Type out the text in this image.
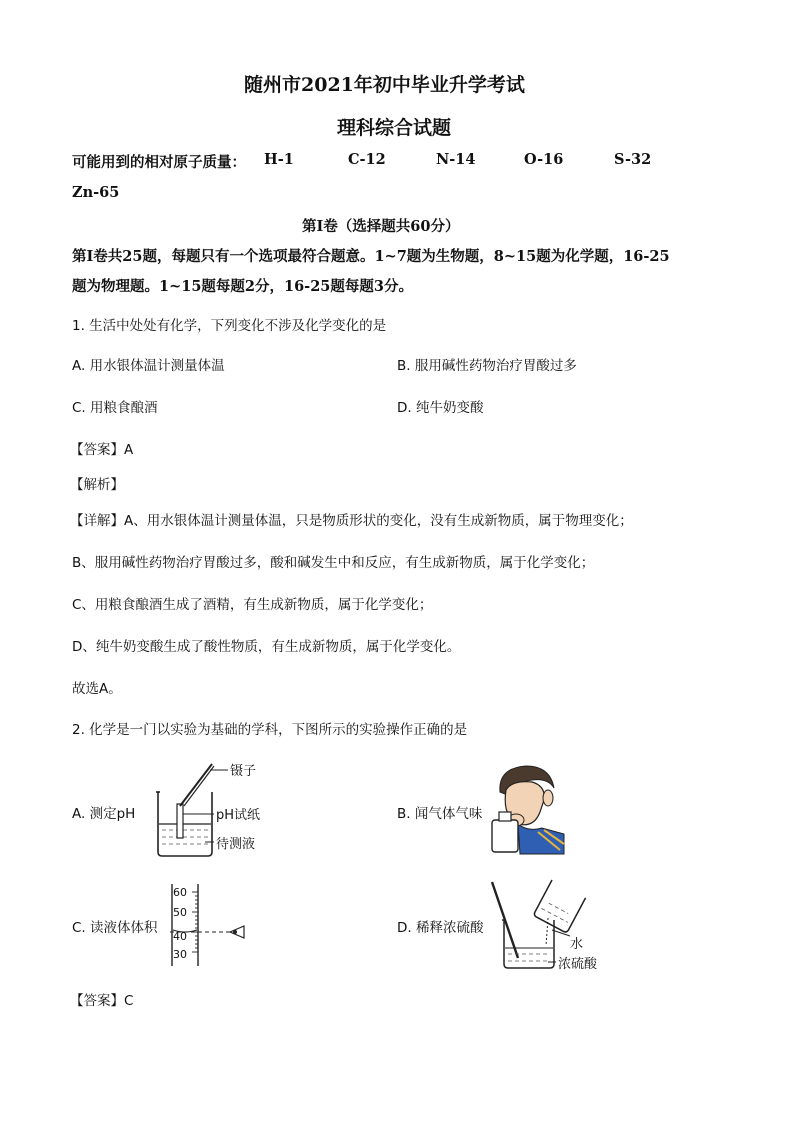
随州市2021年初中毕业升学考试
理科综合试题
可能用到的相对原子质量： H-1	C-12	N-14	O-16	S-32
Zn-65
第Ⅰ卷（选择题共60分）
第Ⅰ卷共25题，每题只有一个选项最符合题意。1~7题为生物题，8~15题为化学题，16-25
题为物理题。1~15题每题2分，16-25题每题3分。
1. 生活中处处有化学，下列变化不涉及化学变化的是
A. 用水银体温计测量体温	B. 服用碱性药物治疗胃酸过多
C. 用粮食酿酒	D. 纯牛奶变酸
【答案】A
【解析】
【详解】A、用水银体温计测量体温，只是物质形状的变化，没有生成新物质，属于物理变化；
B、服用碱性药物治疗胃酸过多，酸和碱发生中和反应，有生成新物质，属于化学变化；
C、用粮食酿酒生成了酒精，有生成新物质，属于化学变化；
D、纯牛奶变酸生成了酸性物质，有生成新物质，属于化学变化。
故选A。
2. 化学是一门以实验为基础的学科，下图所示的实验操作正确的是
A. 测定pH
镊子
pH试纸
待测液
B. 闻气体气味
C. 读液体体积
60
50
40
30
D. 稀释浓硫酸
水
浓硫酸
【答案】C
